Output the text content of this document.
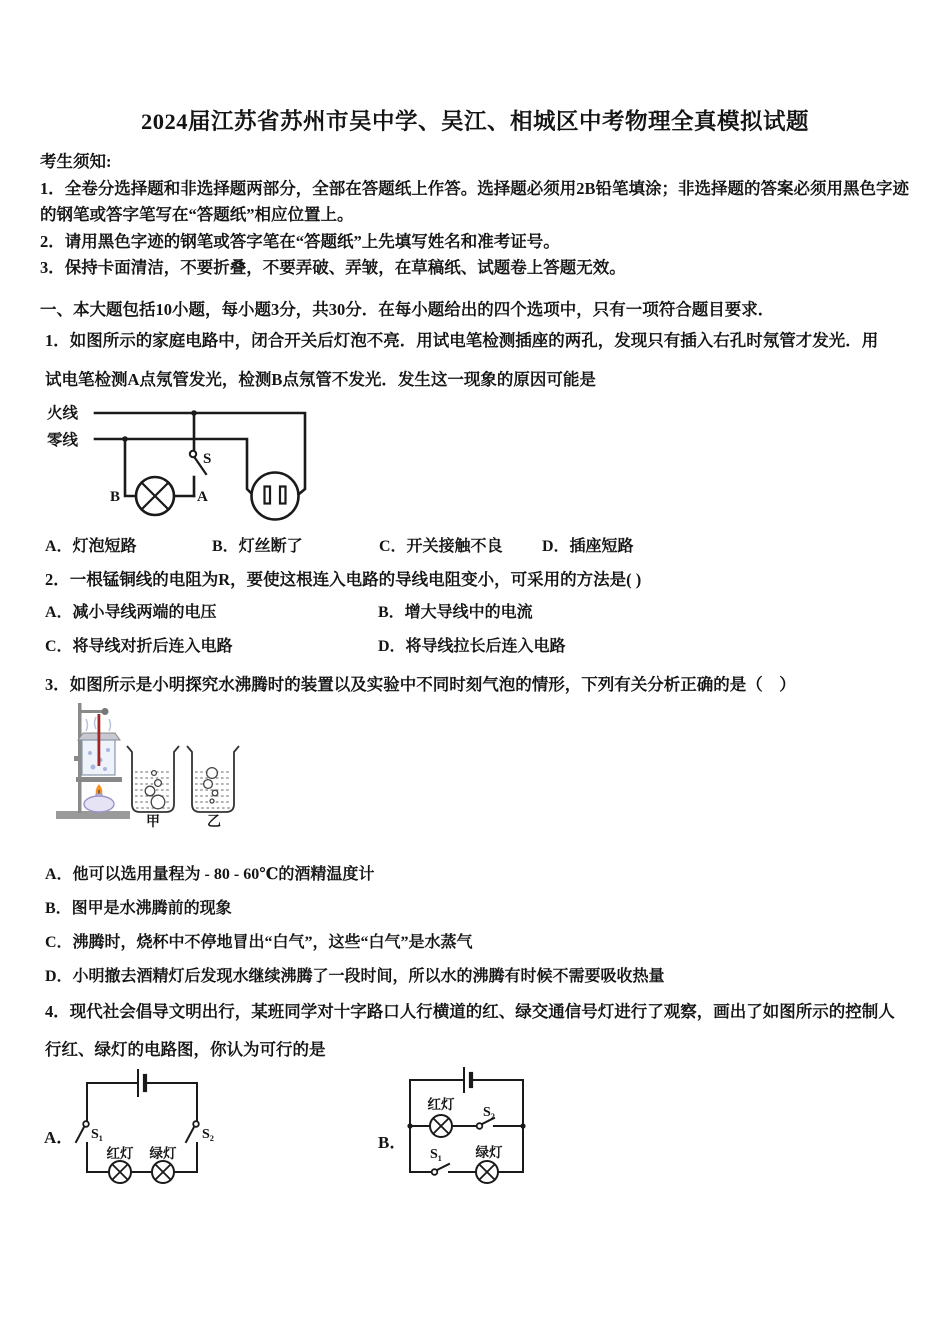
2024届江苏省苏州市吴中学、吴江、相城区中考物理全真模拟试题
考生须知:
1．全卷分选择题和非选择题两部分，全部在答题纸上作答。选择题必须用2B铅笔填涂；非选择题的答案必须用黑色字迹的钢笔或答字笔写在“答题纸”相应位置上。
2．请用黑色字迹的钢笔或答字笔在“答题纸”上先填写姓名和准考证号。
3．保持卡面清洁，不要折叠，不要弄破、弄皱，在草稿纸、试题卷上答题无效。
一、本大题包括10小题，每小题3分，共30分．在每小题给出的四个选项中，只有一项符合题目要求．
1．如图所示的家庭电路中，闭合开关后灯泡不亮．用试电笔检测插座的两孔，发现只有插入右孔时氖管才发光．用
试电笔检测A点氖管发光，检测B点氖管不发光．发生这一现象的原因可能是
火线
零线
S
B	A
A．灯泡短路	B．灯丝断了	C．开关接触不良 D．插座短路
2．一根锰铜线的电阻为R，要使这根连入电路的导线电阻变小，可采用的方法是( )
A．减小导线两端的电压	B．增大导线中的电流
C．将导线对折后连入电路	D．将导线拉长后连入电路
3．如图所示是小明探究水沸腾时的装置以及实验中不同时刻气泡的情形，下列有关分析正确的是（　）
甲	乙
A．他可以选用量程为 - 80 - 60℃的酒精温度计
B．图甲是水沸腾前的现象
C．沸腾时，烧杯中不停地冒出“白气”，这些“白气”是水蒸气
D．小明撤去酒精灯后发现水继续沸腾了一段时间，所以水的沸腾有时候不需要吸收热量
4．现代社会倡导文明出行，某班同学对十字路口人行横道的红、绿交通信号灯进行了观察，画出了如图所示的控制人
行红、绿灯的电路图，你认为可行的是
A． S₁	S₂
红灯 绿灯
B．
红灯
S₂
S₁ 绿灯
